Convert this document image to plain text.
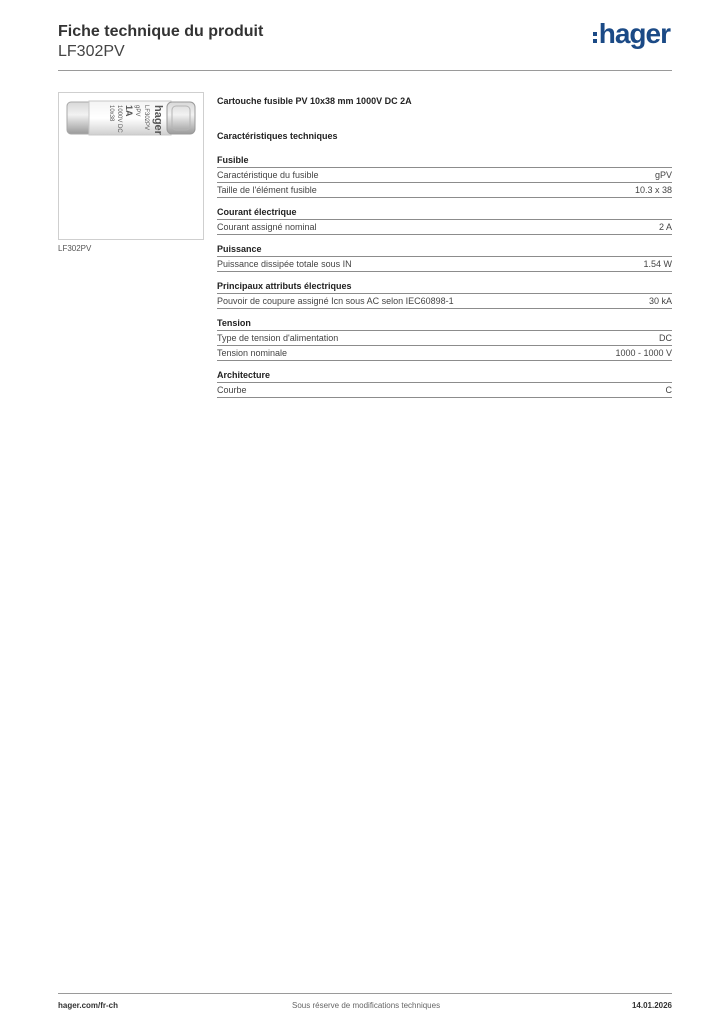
Fiche technique du produit
LF302PV
hager
hager
LF302PV
gPV
1A
1000V DC
10x38
LF302PV
Cartouche fusible PV 10x38 mm 1000V DC 2A
Caractéristiques techniques
Fusible
Caractéristique du fusible	gPV
Taille de l'élément fusible	10.3 x 38
Courant électrique
Courant assigné nominal	2 A
Puissance
Puissance dissipée totale sous IN	1.54 W
Principaux attributs électriques
Pouvoir de coupure assigné Icn sous AC selon IEC60898-1	30 kA
Tension
Type de tension d'alimentation	DC
Tension nominale	1000 - 1000 V
Architecture
Courbe	C
hager.com/fr-ch	Sous réserve de modifications techniques	14.01.2026
